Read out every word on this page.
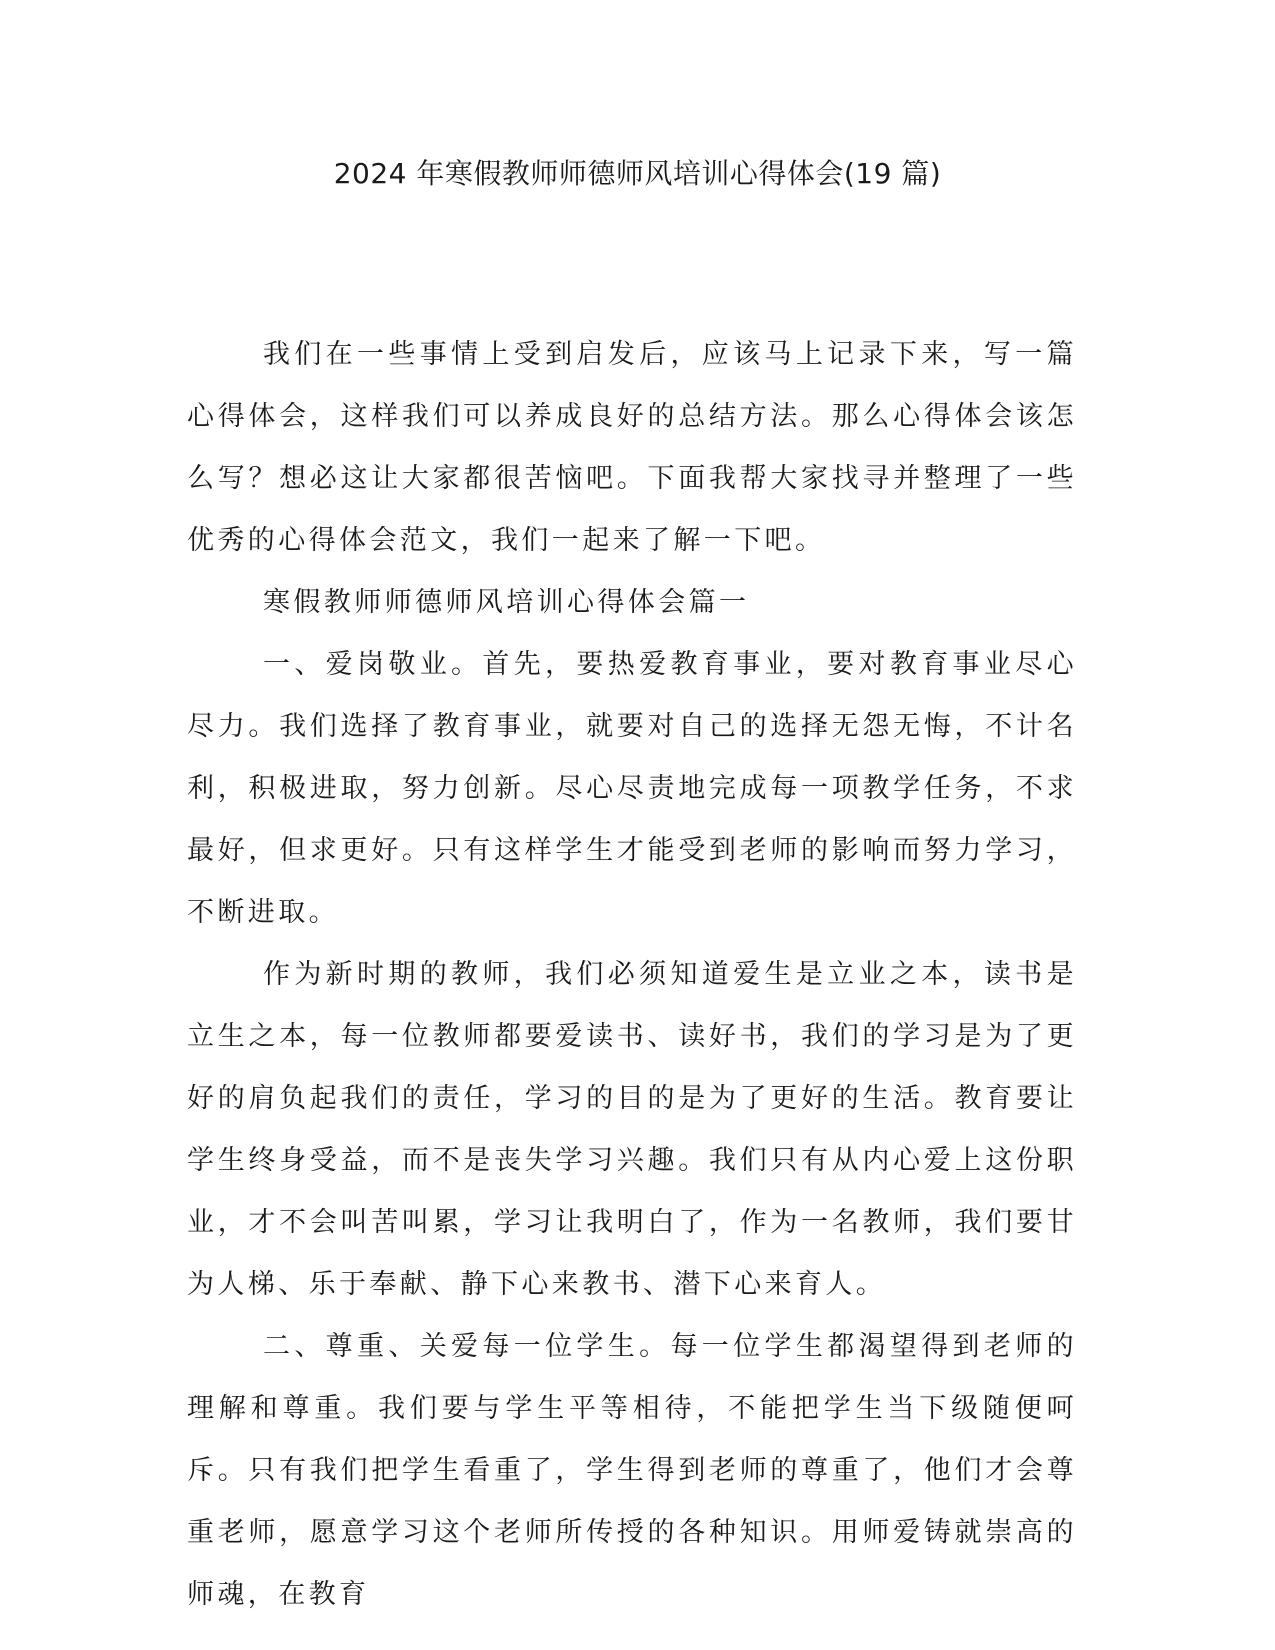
2024 年寒假教师师德师风培训心得体会(19 篇)

我们在一些事情上受到启发后，应该马上记录下来，写一篇心得体会，这样我们可以养成良好的总结方法。那么心得体会该怎么写？想必这让大家都很苦恼吧。下面我帮大家找寻并整理了一些优秀的心得体会范文，我们一起来了解一下吧。

寒假教师师德师风培训心得体会篇一

一、爱岗敬业。首先，要热爱教育事业，要对教育事业尽心尽力。我们选择了教育事业，就要对自己的选择无怨无悔，不计名利，积极进取，努力创新。尽心尽责地完成每一项教学任务，不求最好，但求更好。只有这样学生才能受到老师的影响而努力学习，不断进取。

作为新时期的教师，我们必须知道爱生是立业之本，读书是立生之本，每一位教师都要爱读书、读好书，我们的学习是为了更好的肩负起我们的责任，学习的目的是为了更好的生活。教育要让学生终身受益，而不是丧失学习兴趣。我们只有从内心爱上这份职业，才不会叫苦叫累，学习让我明白了，作为一名教师，我们要甘为人梯、乐于奉献、静下心来教书、潜下心来育人。

二、尊重、关爱每一位学生。每一位学生都渴望得到老师的理解和尊重。我们要与学生平等相待，不能把学生当下级随便呵斥。只有我们把学生看重了，学生得到老师的尊重了，他们才会尊重老师，愿意学习这个老师所传授的各种知识。用师爱铸就崇高的师魂，在教育
